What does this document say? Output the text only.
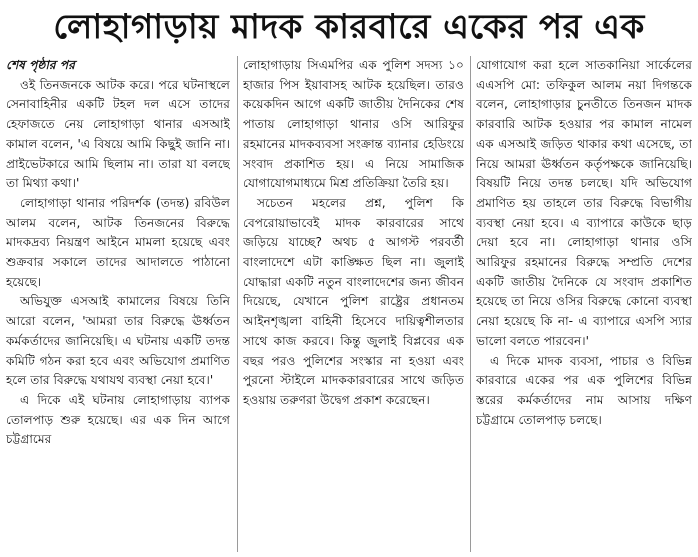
লোহাগাড়ায় মাদক কারবারে একের পর এক

শেষ পৃষ্ঠার পর

ওই তিনজনকে আটক করে। পরে ঘটনাস্থলে সেনাবাহিনীর একটি টহল দল এসে তাদের হেফাজতে নেয় লোহাগাড়া থানার এসআই কামাল বলেন, 'এ বিষয়ে আমি কিছুই জানি না। প্রাইভেটকারে আমি ছিলাম না। তারা যা বলছে তা মিথ্যা কথা।'

লোহাগাড়া থানার পরিদর্শক (তদন্ত) রবিউল আলম বলেন, আটক তিনজনের বিরুদ্ধে মাদকদ্রব্য নিয়ন্ত্রণ আইনে মামলা হয়েছে এবং শুক্রবার সকালে তাদের আদালতে পাঠানো হয়েছে।

অভিযুক্ত এসআই কামালের বিষয়ে তিনি আরো বলেন, 'আমরা তার বিরুদ্ধে ঊর্ধ্বতন কর্মকর্তাদের জানিয়েছি। এ ঘটনায় একটি তদন্ত কমিটি গঠন করা হবে এবং অভিযোগ প্রমাণিত হলে তার বিরুদ্ধে যথাযথ ব্যবস্থা নেয়া হবে।'

এ দিকে এই ঘটনায় লোহাগাড়ায় ব্যাপক তোলপাড় শুরু হয়েছে। এর এক দিন আগে চট্টগ্রামের

লোহাগাড়ায় সিএমপির এক পুলিশ সদস্য ১০ হাজার পিস ইয়াবাসহ আটক হয়েছিল। তারও কয়েকদিন আগে একটি জাতীয় দৈনিকের শেষ পাতায় লোহাগাড়া থানার ওসি আরিফুর রহমানের মাদকব্যবসা সংক্রান্ত ব্যানার হেডিংয়ে সংবাদ প্রকাশিত হয়। এ নিয়ে সামাজিক যোগাযোগমাধ্যমে মিশ্র প্রতিক্রিয়া তৈরি হয়।

সচেতন মহলের প্রশ্ন, পুলিশ কি বেপরোয়াভাবেই মাদক কারবারের সাথে জড়িয়ে যাচ্ছে? অথচ ৫ আগস্ট পরবর্তী বাংলাদেশে এটা কাঙ্ক্ষিত ছিল না। জুলাই যোদ্ধারা একটি নতুন বাংলাদেশের জন্য জীবন দিয়েছে, যেখানে পুলিশ রাষ্ট্রের প্রধানতম আইনশৃঙ্খলা বাহিনী হিসেবে দায়িত্বশীলতার সাথে কাজ করবে। কিন্তু জুলাই বিপ্লবের এক বছর পরও পুলিশের সংস্কার না হওয়া এবং পুরনো স্টাইলে মাদককারবারের সাথে জড়িত হওয়ায় তরুণরা উদ্বেগ প্রকাশ করেছেন।

যোগাযোগ করা হলে সাতকানিয়া সার্কেলের এএসপি মো: তফিকুল আলম নয়া দিগন্তকে বলেন, লোহাগাড়ার চুনতীতে তিনজন মাদক কারবারি আটক হওয়ার পর কামাল নামেল এক এসআই জড়িত থাকার কথা এসেছে, তা নিয়ে আমরা ঊর্ধ্বতন কর্তৃপক্ষকে জানিয়েছি। বিষয়টি নিয়ে তদন্ত চলছে। যদি অভিযোগ প্রমাণিত হয় তাহলে তার বিরুদ্ধে বিভাগীয় ব্যবস্থা নেয়া হবে। এ ব্যাপারে কাউকে ছাড় দেয়া হবে না। লোহাগাড়া থানার ওসি আরিফুর রহমানের বিরুদ্ধে সম্প্রতি দেশের একটি জাতীয় দৈনিকে যে সংবাদ প্রকাশিত হয়েছে তা নিয়ে ওসির বিরুদ্ধে কোনো ব্যবস্থা নেয়া হয়েছে কি না- এ ব্যাপারে এসপি স্যার ভালো বলতে পারবেন।'

এ দিকে মাদক ব্যবসা, পাচার ও বিভিন্ন কারবারে একের পর এক পুলিশের বিভিন্ন স্তরের কর্মকর্তাদের নাম আসায় দক্ষিণ চট্টগ্রামে তোলপাড় চলছে।
